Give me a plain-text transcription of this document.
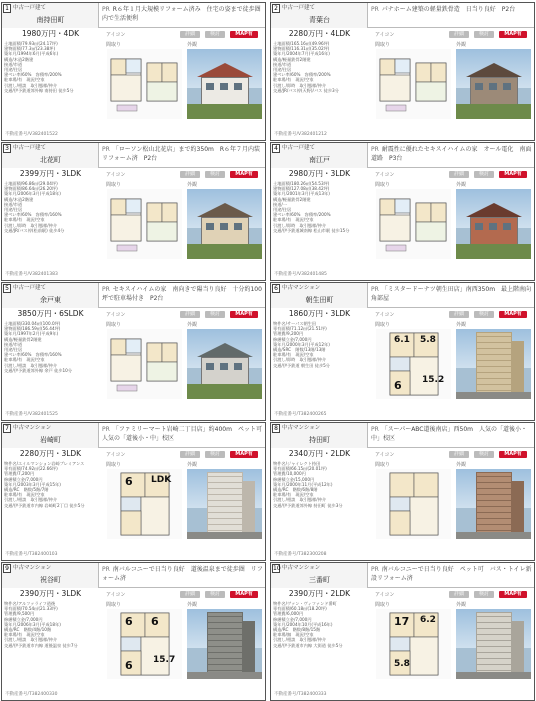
1 中古一戸建て
南持田町
PR R６年１月大規模リフォーム済み　住宅の姿まで徒歩圏内で生活便利
1980万円・4DK	アイコン	詳細	検討	MAP有
土地面積/79.93㎡(24.17坪)
建物面積/77.3㎡(23.38坪)
築年月/1994年6月(平成6年)
構造/木造2階建
接道/市道
用途/住居
建ぺい率/60%　容積率/200%
駐車場/有　現況/空家
引渡し/相談　取引態様/仲介
交通/伊予鉄道郊外線 南持田 徒歩5分
間取り	外観
不動産番号/V382401522
2 中古一戸建て
青葉台
PR パナホーム建築の軽量鉄骨造　日当り良好　P2台
2280万円・4LDK	アイコン	詳細	検討	MAP有
土地面積/165.16㎡(49.96坪)
建物面積/116.31㎡(35.02坪)
築年月/2004年7月(平成16年)
構造/軽量鉄骨2階建
接道/市道
用途/住居
建ぺい率/60%　容積率/200%
駐車場/有　現況/空家
引渡し/即時　取引態様/仲介
交通/JR/バス停(天野)/バス 徒歩3分
間取り	外観
不動産番号/V382401212
3 中古一戸建て
北花町
PR 「ローソン松山北花店」まで約350m　R６年７月内装リフォーム済　P2台
2399万円・3LDK	アイコン	詳細	検討	MAP有
土地面積/96.86㎡(29.04坪)
建物面積/86.64㎡(26.20坪)
築年月/2006年3月(平成18年)
構造/木造2階建
接道/市道
用途/住居
建ぺい率/60%　容積率/160%
駐車場/有　現況/空家
引渡し/即時　取引態様/仲介
交通/JR/バス停(松前駅) 徒歩4分
間取り	外観
不動産番号/V382401383
4 中古一戸建て
南江戸
PR 耐震性に優れたセキスイハイムの家　オール電化　南面道路　P3台
2980万円・3LDK	アイコン	詳細	検討	MAP有
土地面積/180.26㎡(54.53坪)
建物面積/127.08㎡(38.42坪)
築年月/2001年3月(平成13年)
構造/軽量鉄骨2階建
接道/一
用途/住居
建ぺい率/60%　容積率/200%
駐車場/有　現況/空家
引渡し/即時　取引態様/仲介
交通/伊予鉄道城南線 松山市駅 徒歩15分
間取り	外観
不動産番号/V382401485
5 中古一戸建て
余戸東
PR セキスイハイムの家　南向きで陽当り良好　十分約100坪で駐車場付き　P2台
3850万円・6SLDK	アイコン	詳細	検討	MAP有
土地面積/330.04㎡(100.0坪)
建物面積/186.59㎡(56.44坪)
築年月/1997年2月(平成9年)
構造/軽量鉄骨2階建
接道/市道
用途/住居
建ぺい率/60%　容積率/160%
駐車場/有　現況/空家
引渡し/相談　取引態様/仲介
交通/伊予鉄道郊外線 余戸 徒歩10分
間取り	外観
不動産番号/V382401525
6 中古マンション
朝生田町
PR 「ミスタードーナツ朝生田店」南西350m　最上階南向角部屋
1860万円・3LDK	アイコン	詳細	検討	MAP有
物件名/サーパス朝生田
専有面積/71.12㎡(21.51坪)
管理費/9,200円
修繕積立金/7,000円
築年月/2000年3月(平成12年)
構造/SRC　階数/13階/13階
駐車場/有　現況/空家
引渡し/即時　取引態様/仲介
交通/伊予鉄道 朝生田 徒歩5分
間取り	外観
6.1 5.8
6 15.2
不動産番号/T382400265
7 中古マンション
岩崎町
PR 「ファミリーマート岩崎二丁目店」約400m　ペット可　人気の「道後小・中」校区
2280万円・3LDK	アイコン	詳細	検討	MAP有
物件名/エイルマンション岩崎プレミアンス
専有面積/74.92㎡(22.66坪)
管理費/7,200円
修繕積立金/7,000円
築年月/2003年3月(平成15年)
構造/RC　階数/5階/7階
駐車場/有　現況/空家
引渡し/相談　取引態様/仲介
交通/伊予鉄道市内線 岩崎町2丁目 徒歩5分
間取り	外観
6 LDK
不動産番号/T382400103
8 中古マンション
持田町
PR 「スーパーABC道後南店」西50m　人気の「道後小・中」校区
2340万円・2LDK	アイコン	詳細	検討	MAP有
物件名/ジャイレクト持田
専有面積/66.15㎡(20.01坪)
管理費/10,000円
修繕積立金/15,000円
築年月/2000年11月(平成12年)
構造/RC　階数/6階/8階
駐車場/有　現況/空家
引渡し/相談　取引態様/仲介
交通/伊予鉄道郊外線 持田町 徒歩3分
間取り	外観
不動産番号/T382300208
9 中古マンション
祝谷町
PR 南バルコニーで日当り良好　道後温泉まで徒歩圏　リフォーム済
2390万円・3LDK	アイコン	詳細	検討	MAP有
物件名/アルファライフ道後
専有面積/70.54㎡(21.33坪)
管理費/9,500円
修繕積立金/7,000円
築年月/2006年3月(平成18年)
構造/RC　階数/4階/10階
駐車場/有　現況/空家
引渡し/相談　取引態様/仲介
交通/伊予鉄道市内線 道後温泉 徒歩7分
間取り	外観
6 6
6 15.7
不動産番号/T382400330
10 中古マンション
三番町
PR 南バルコニーで日当り良好　ペット可　バス・トイレ新設リフォーム済
2390万円・2LDK	アイコン	詳細	検討	MAP有
物件名/ヴァン・ヴィファンド番町
専有面積/60.18㎡(18.20坪)
管理費/6,000円
修繕積立金/7,000円
築年月/2004年10月(平成16年)
構造/RC　階数/8階/15階
駐車場/無　現況/空家
引渡し/相談　取引態様/仲介
交通/伊予鉄道市内線 大街道 徒歩5分
間取り	外観
17 6.2
5.8
不動産番号/T382400333
